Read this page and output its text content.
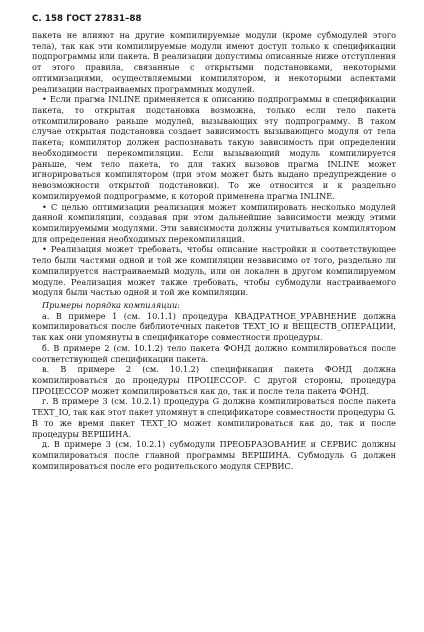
С. 158 ГОСТ 27831–88

пакета не влияют на другие компилируемые модули (кроме субмодулей этого тела), так как эти компилируемые модули имеют доступ только к спецификации подпрограммы или пакета. В реализации допустимы описанные ниже отступления от этого правила, связанные с открытыми подстановками, некоторыми оптимизациями, осуществляемыми компилятором, и некоторыми аспектами реализации настраиваемых программных модулей.

• Если прагма INLINE применяется к описанию подпрограммы в спецификации пакета, то открытая подстановка возможна, только если тело пакета откомпилировано раньше модулей, вызывающих эту подпрограмму. В таком случае открытая подстановка создает зависимость вызывающего модуля от тела пакета; компилятор должен распознавать такую зависимость при определении необходимости перекомпиляции. Если вызывающий модуль компилируется раньше, чем тело пакета, то для таких вызовов прагма INLINE может игнорироваться компилятором (при этом может быть выдано предупреждение о невозможности открытой подстановки). То же относится и к раздельно компилируемой подпрограмме, к которой применена прагма INLINE.

• С целью оптимизации реализация может компилировать несколько модулей данной компиляции, создавая при этом дальнейшие зависимости между этими компилируемыми модулями. Эти зависимости должны учитываться компилятором для определения необходимых перекомпиляций.

• Реализация может требовать, чтобы описание настройки и соответствующее тело были частями одной и той же компиляции независимо от того, раздельно ли компилируется настраиваемый модуль, или он локален в другом компилируемом модуле. Реализация может также требовать, чтобы субмодули настраиваемого модуля были частью одной и той же компиляции.

Примеры порядка компиляции:

а. В примере 1 (см. 10.1.1) процедура КВАДРАТНОЕ_УРАВНЕНИЕ должна компилироваться после библиотечных пакетов TEXT_IO и ВЕЩЕСТВ_ОПЕРАЦИИ, так как они упомянуты в спецификаторе совместности процедуры.

б. В примере 2 (см. 10.1.2) тело пакета ФОНД должно компилироваться после соответствующей спецификации пакета.

в. В примере 2 (см. 10.1.2) спецификация пакета ФОНД должна компилироваться до процедуры ПРОЦЕССОР. С другой стороны, процедура ПРОЦЕССОР может компилироваться как до, так и после тела пакета ФОНД.

г. В примере 3 (см. 10.2.1) процедура G должна компилироваться после пакета TEXT_IO, так как этот пакет упомянут в спецификаторе совместности процедуры G. В то же время пакет TEXT_IO может компилироваться как до, так и после процедуры ВЕРШИНА.

д. В примере 3 (см. 10.2.1) субмодули ПРЕОБРАЗОВАНИЕ и СЕРВИС должны компилироваться после главной программы ВЕРШИНА. Субмодуль G должен компилироваться после его родительского модуля СЕРВИС.
